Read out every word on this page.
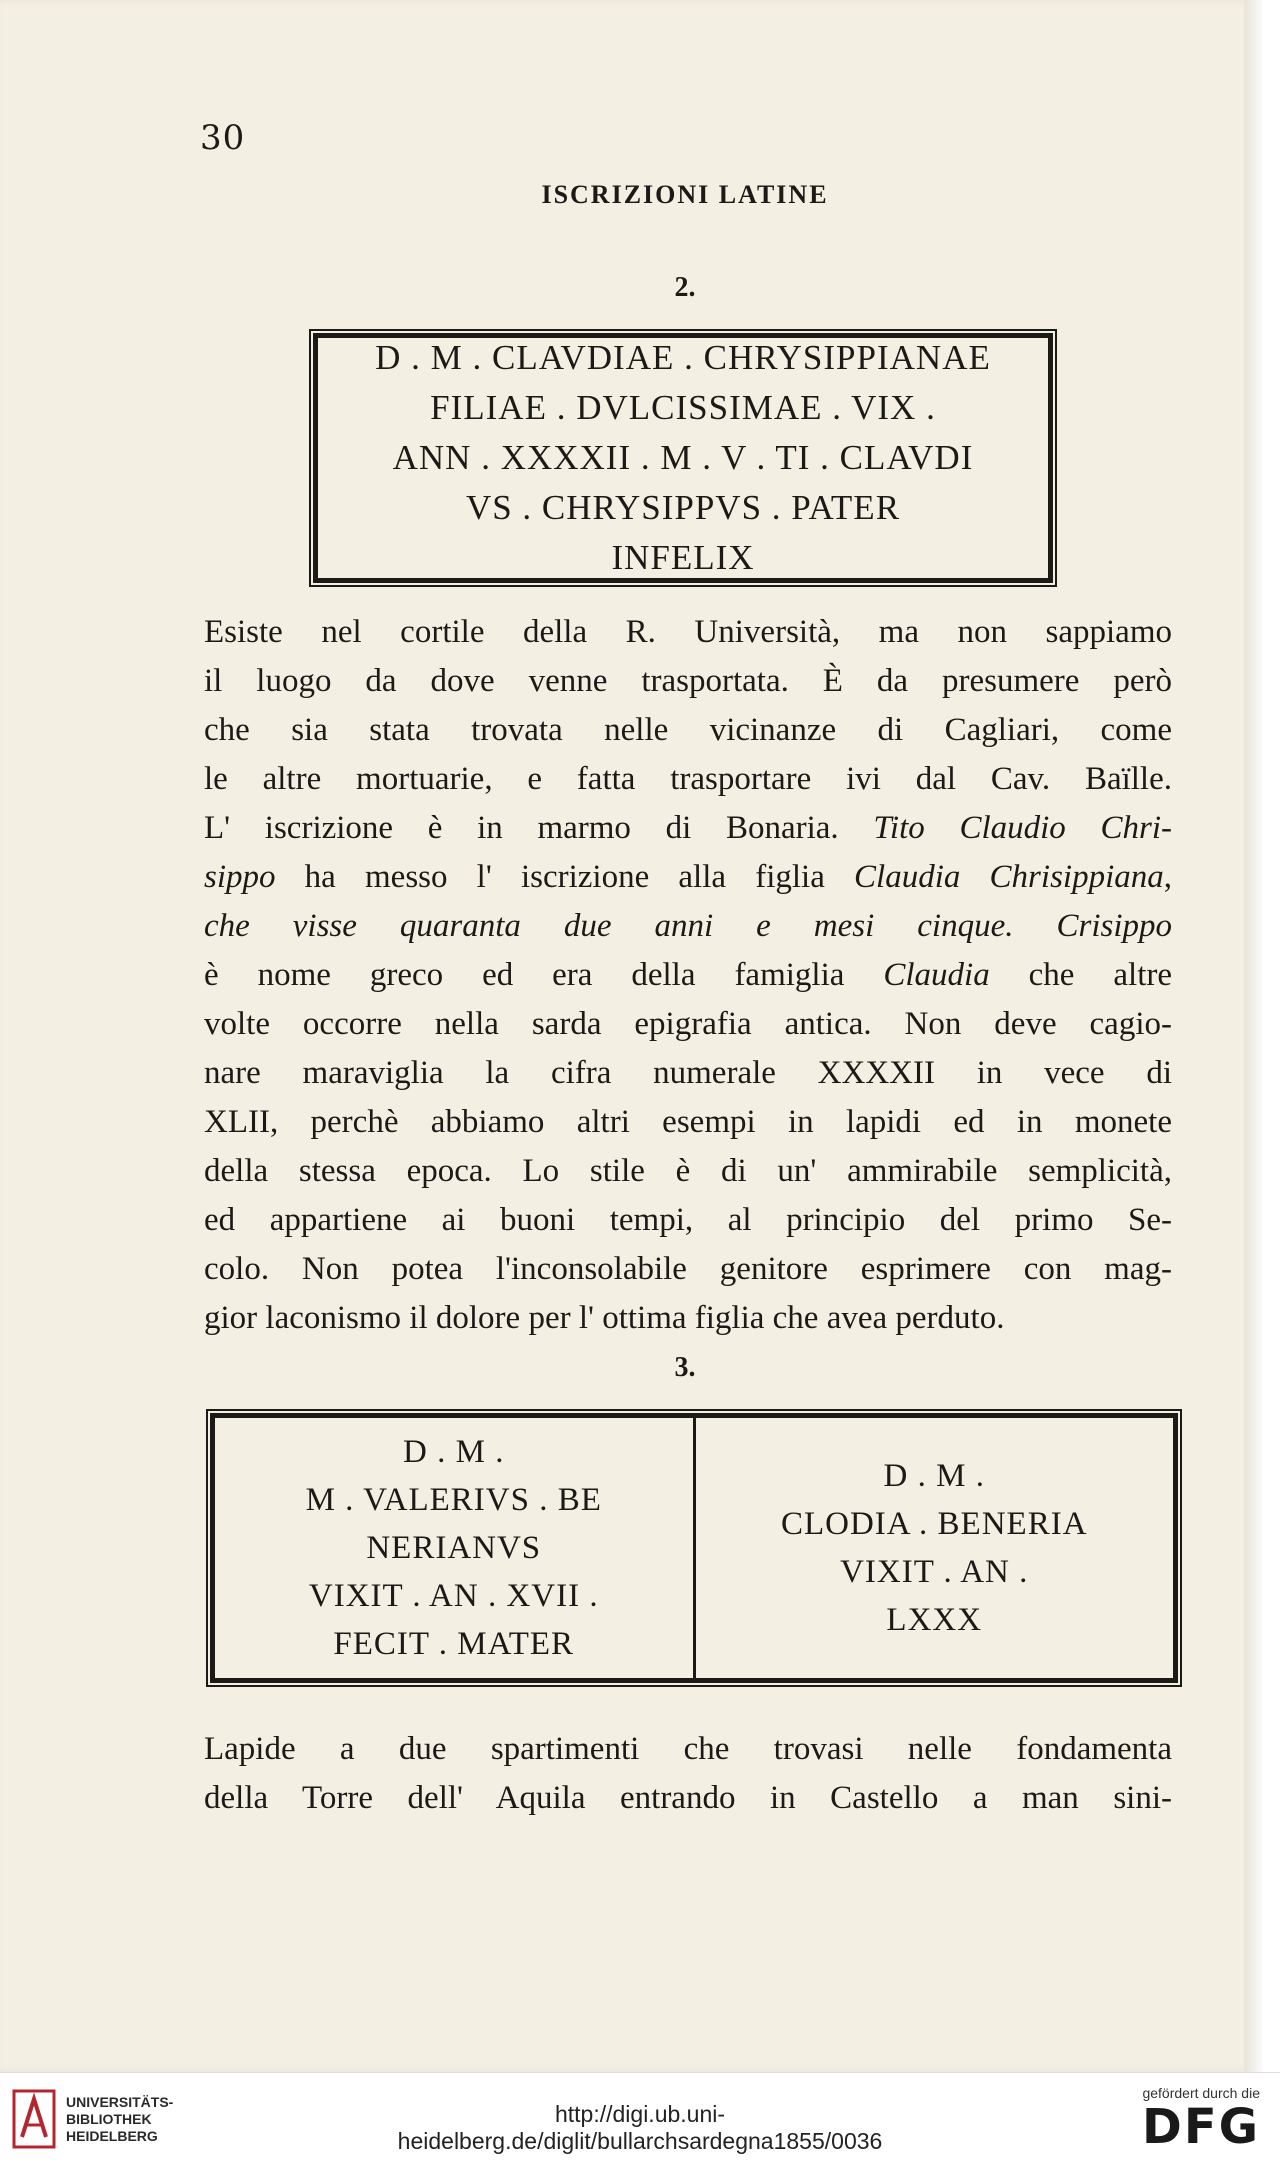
30
ISCRIZIONI LATINE
2.
D . M . CLAVDIAE . CHRYSIPPIANAE
FILIAE . DVLCISSIMAE . VIX .
ANN . XXXXII . M . V . TI . CLAVDI
VS . CHRYSIPPVS . PATER
INFELIX
Esiste nel cortile della R. Università, ma non sappiamo
il luogo da dove venne trasportata. È da presumere però
che sia stata trovata nelle vicinanze di Cagliari, come
le altre mortuarie, e fatta trasportare ivi dal Cav. Baïlle.
L' iscrizione è in marmo di Bonaria. Tito Claudio Chri-
sippo ha messo l' iscrizione alla figlia Claudia Chrisippiana,
che visse quaranta due anni e mesi cinque. Crisippo
è nome greco ed era della famiglia Claudia che altre
volte occorre nella sarda epigrafia antica. Non deve cagio-
nare maraviglia la cifra numerale XXXXII in vece di
XLII, perchè abbiamo altri esempi in lapidi ed in monete
della stessa epoca. Lo stile è di un' ammirabile semplicità,
ed appartiene ai buoni tempi, al principio del primo Se-
colo. Non potea l'inconsolabile genitore esprimere con mag-
gior laconismo il dolore per l' ottima figlia che avea perduto.
3.
D . M .
M . VALERIVS . BE
NERIANVS
VIXIT . AN . XVII .
FECIT . MATER
D . M .
CLODIA . BENERIA
VIXIT . AN .
LXXX
Lapide a due spartimenti che trovasi nelle fondamenta
della Torre dell' Aquila entrando in Castello a man sini-
UNIVERSITÄTS-
BIBLIOTHEK
HEIDELBERG
http://digi.ub.uni-heidelberg.de/diglit/bullarchsardegna1855/0036
gefördert durch die
DFG
